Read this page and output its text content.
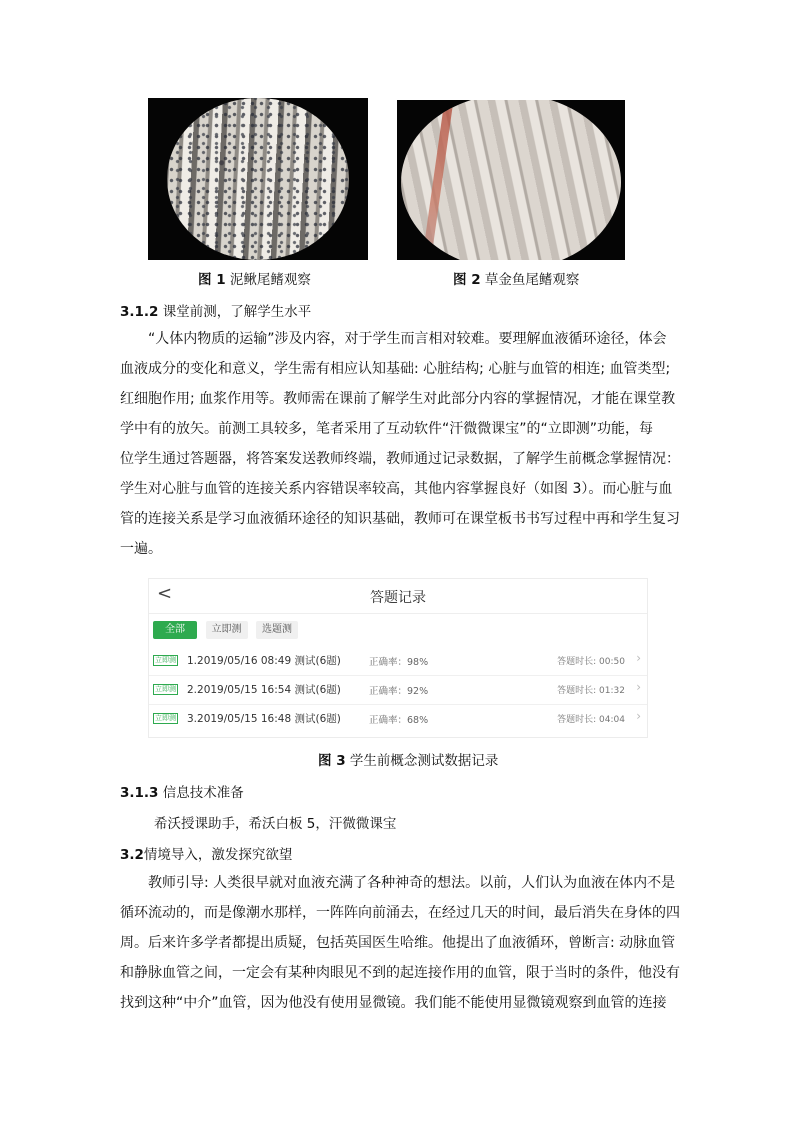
图 1 泥鳅尾鳍观察	图 2 草金鱼尾鳍观察
3.1.2 课堂前测，了解学生水平
“人体内物质的运输”涉及内容，对于学生而言相对较难。要理解血液循环途径，体会
血液成分的变化和意义，学生需有相应认知基础: 心脏结构; 心脏与血管的相连; 血管类型;
红细胞作用; 血浆作用等。教师需在课前了解学生对此部分内容的掌握情况，才能在课堂教
学中有的放矢。前测工具较多，笔者采用了互动软件“汗微微课宝”的“立即测”功能，每
位学生通过答题器，将答案发送教师终端，教师通过记录数据，了解学生前概念掌握情况：
学生对心脏与血管的连接关系内容错误率较高，其他内容掌握良好（如图 3）。而心脏与血
管的连接关系是学习血液循环途径的知识基础，教师可在课堂板书书写过程中再和学生复习
一遍。
<	答题记录
全部	立即测 选题测
立即测 1.2019/05/16 08:49 测试(6题)	正确率：98%	答题时长: 00:50 ›
立即测 2.2019/05/15 16:54 测试(6题)	正确率：92%	答题时长: 01:32 ›
立即测 3.2019/05/15 16:48 测试(6题)	正确率：68%	答题时长: 04:04 ›
图 3 学生前概念测试数据记录
3.1.3 信息技术准备
希沃授课助手，希沃白板 5，汗微微课宝
3.2情境导入，激发探究欲望
教师引导: 人类很早就对血液充满了各种神奇的想法。以前，人们认为血液在体内不是
循环流动的，而是像潮水那样，一阵阵向前涌去，在经过几天的时间，最后消失在身体的四
周。后来许多学者都提出质疑，包括英国医生哈维。他提出了血液循环，曾断言: 动脉血管
和静脉血管之间，一定会有某种肉眼见不到的起连接作用的血管，限于当时的条件，他没有
找到这种“中介”血管，因为他没有使用显微镜。我们能不能使用显微镜观察到血管的连接
